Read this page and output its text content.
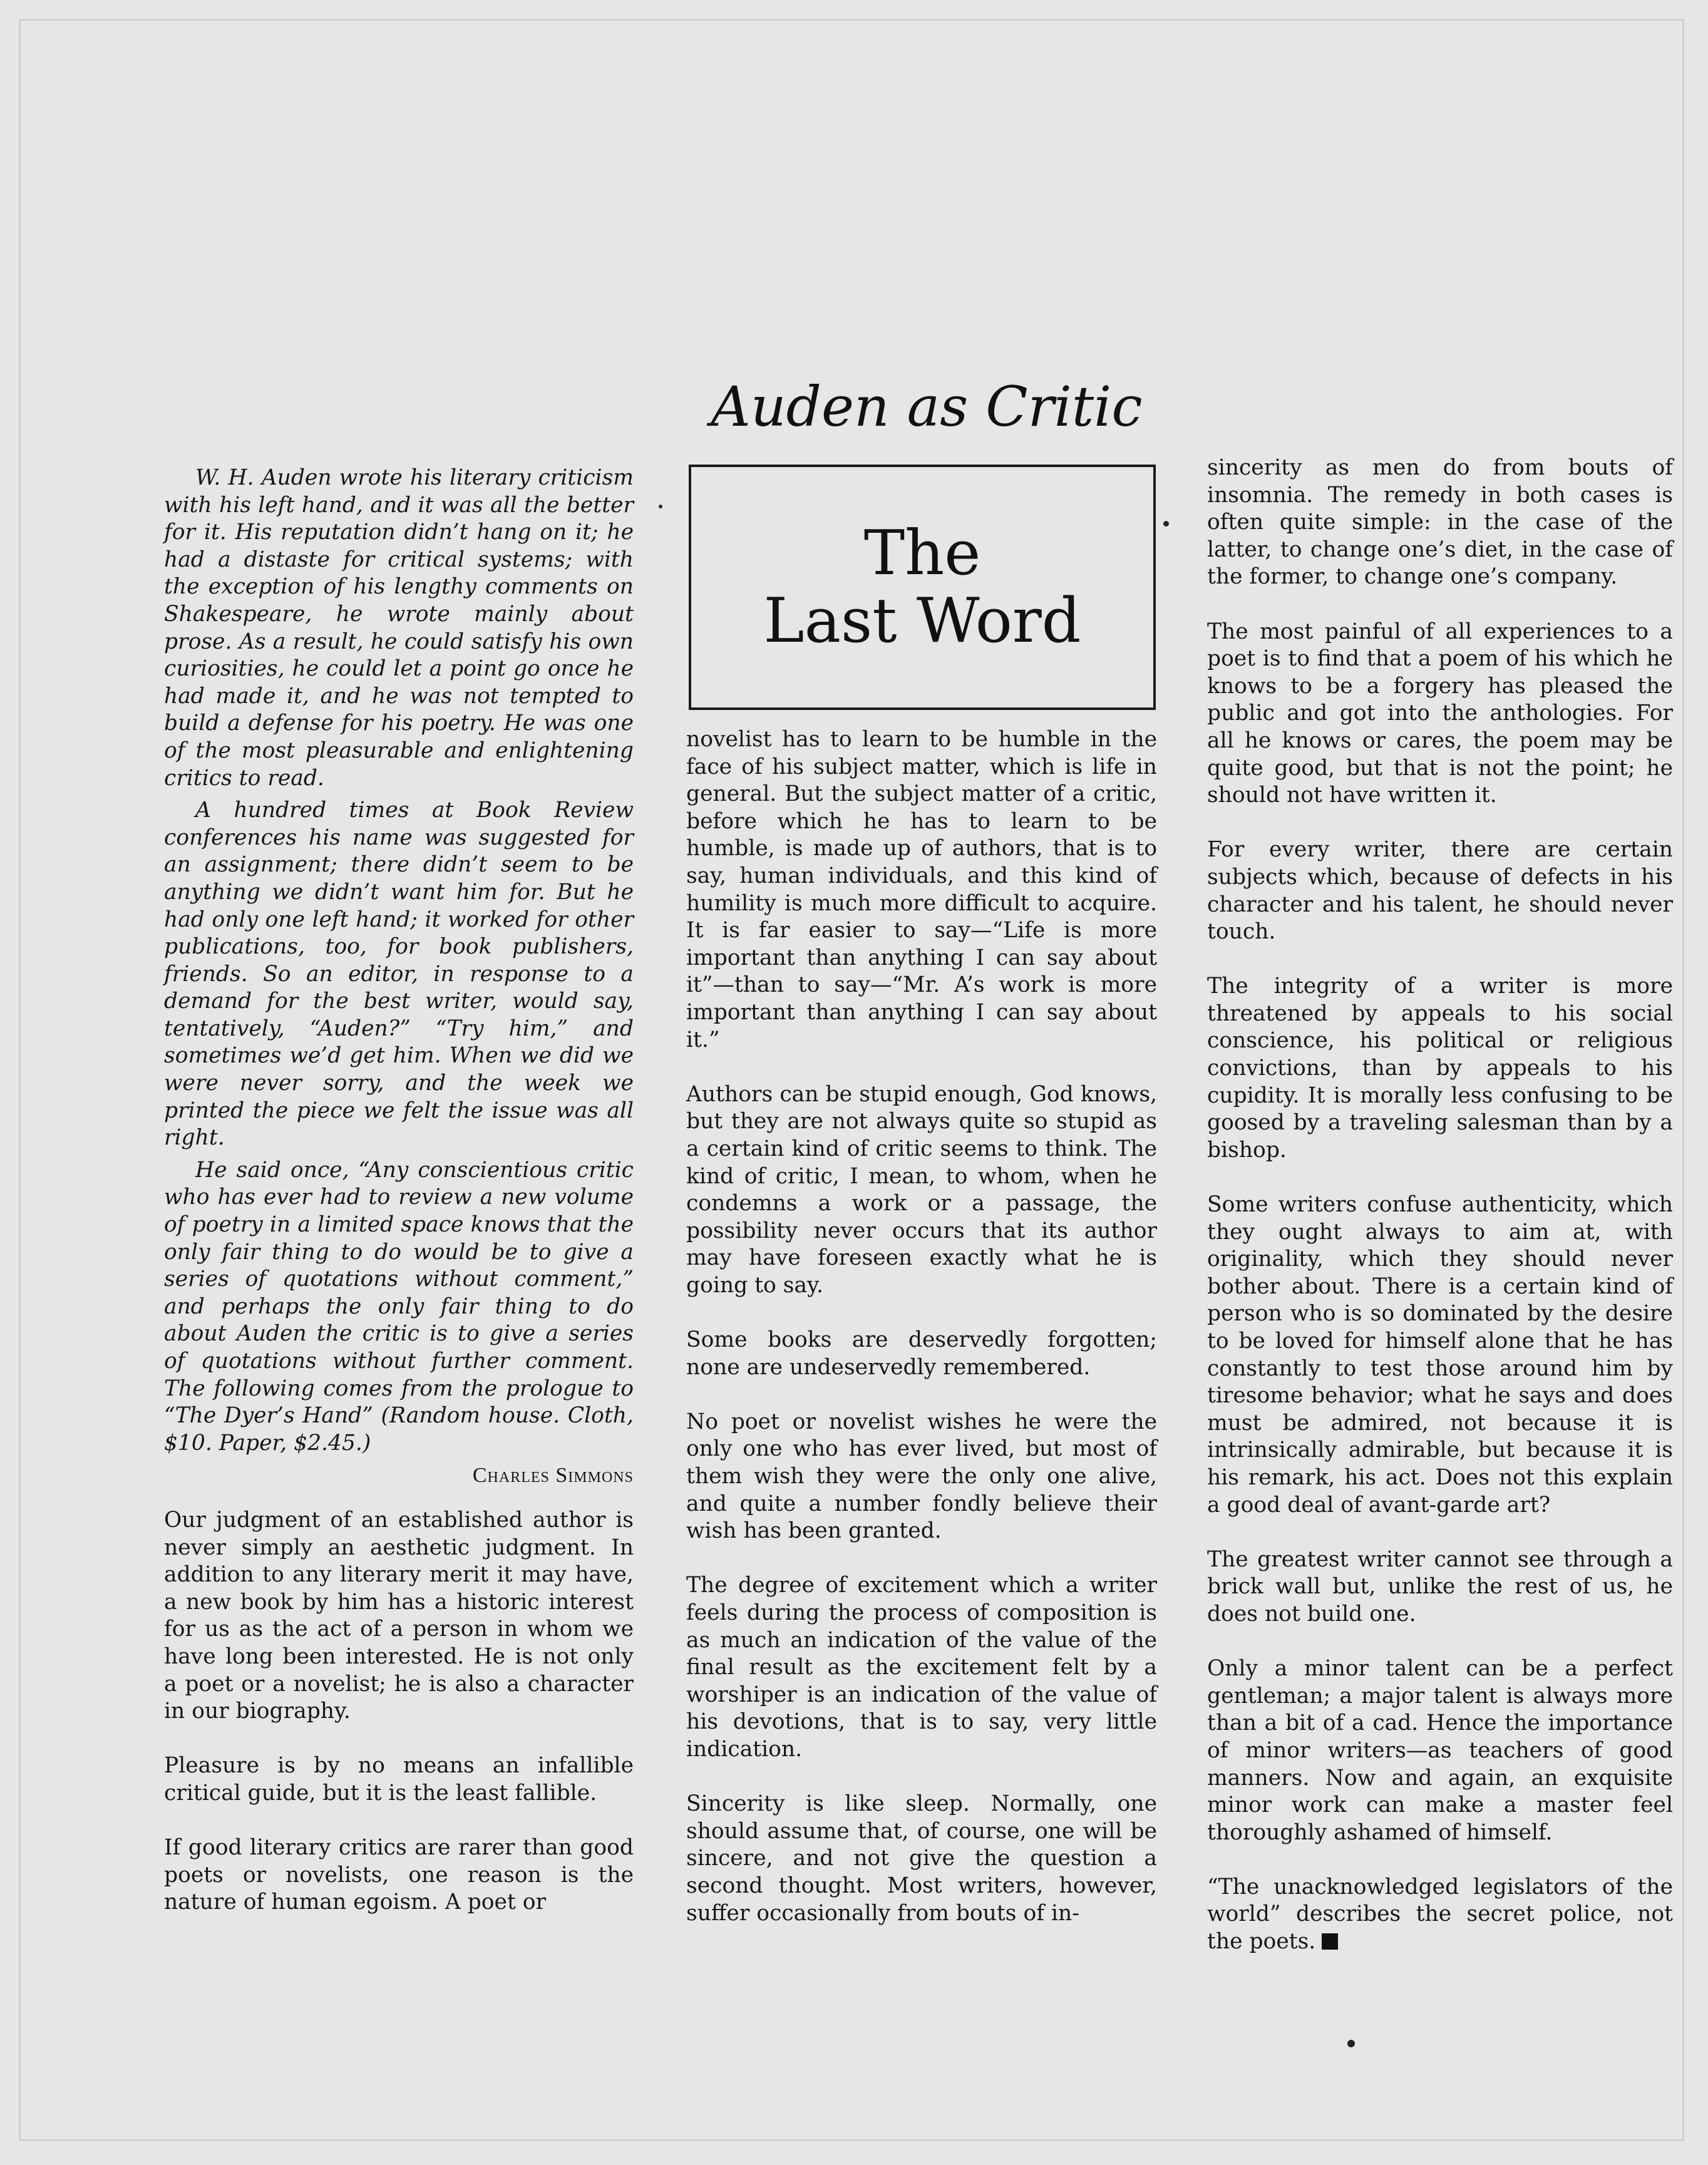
Auden as Critic
The
Last Word

W. H. Auden wrote his literary criticism with his left hand, and it was all the better for it. His reputation didn’t hang on it; he had a distaste for critical systems; with the exception of his lengthy comments on Shakespeare, he wrote mainly about prose. As a result, he could satisfy his own curiosities, he could let a point go once he had made it, and he was not tempted to build a defense for his poetry. He was one of the most pleasurable and enlightening critics to read.

A hundred times at Book Review conferences his name was suggested for an assignment; there didn’t seem to be anything we didn’t want him for. But he had only one left hand; it worked for other publications, too, for book publishers, friends. So an editor, in response to a demand for the best writer, would say, tentatively, “Auden?” “Try him,” and sometimes we’d get him. When we did we were never sorry, and the week we printed the piece we felt the issue was all right.

He said once, “Any conscientious critic who has ever had to review a new volume of poetry in a limited space knows that the only fair thing to do would be to give a series of quotations without comment,” and perhaps the only fair thing to do about Auden the critic is to give a series of quotations without further comment. The following comes from the prologue to “The Dyer’s Hand” (Random house. Cloth, $10. Paper, $2.45.)

Charles Simmons

Our judgment of an established author is never simply an aesthetic judgment. In addition to any literary merit it may have, a new book by him has a historic interest for us as the act of a person in whom we have long been interested. He is not only a poet or a novelist; he is also a character in our biography.

Pleasure is by no means an infallible critical guide, but it is the least fallible.

If good literary critics are rarer than good poets or novelists, one reason is the nature of human egoism. A poet or

novelist has to learn to be humble in the face of his subject matter, which is life in general. But the subject matter of a critic, before which he has to learn to be humble, is made up of authors, that is to say, human individuals, and this kind of humility is much more difficult to acquire. It is far easier to say—“Life is more important than anything I can say about it”—than to say—“Mr. A’s work is more important than anything I can say about it.”

Authors can be stupid enough, God knows, but they are not always quite so stupid as a certain kind of critic seems to think. The kind of critic, I mean, to whom, when he condemns a work or a passage, the possibility never occurs that its author may have foreseen exactly what he is going to say.

Some books are deservedly forgotten; none are undeservedly remembered.

No poet or novelist wishes he were the only one who has ever lived, but most of them wish they were the only one alive, and quite a number fondly believe their wish has been granted.

The degree of excitement which a writer feels during the process of composition is as much an indication of the value of the final result as the excitement felt by a worshiper is an indication of the value of his devotions, that is to say, very little indication.

Sincerity is like sleep. Normally, one should assume that, of course, one will be sincere, and not give the question a second thought. Most writers, however, suffer occasionally from bouts of in-

sincerity as men do from bouts of insomnia. The remedy in both cases is often quite simple: in the case of the latter, to change one’s diet, in the case of the former, to change one’s company.

The most painful of all experiences to a poet is to find that a poem of his which he knows to be a forgery has pleased the public and got into the anthologies. For all he knows or cares, the poem may be quite good, but that is not the point; he should not have written it.

For every writer, there are certain subjects which, because of defects in his character and his talent, he should never touch.

The integrity of a writer is more threatened by appeals to his social conscience, his political or religious convictions, than by appeals to his cupidity. It is morally less confusing to be goosed by a traveling salesman than by a bishop.

Some writers confuse authenticity, which they ought always to aim at, with originality, which they should never bother about. There is a certain kind of person who is so dominated by the desire to be loved for himself alone that he has constantly to test those around him by tiresome behavior; what he says and does must be admired, not because it is intrinsically admirable, but because it is his remark, his act. Does not this explain a good deal of avant-garde art?

The greatest writer cannot see through a brick wall but, unlike the rest of us, he does not build one.

Only a minor talent can be a perfect gentleman; a major talent is always more than a bit of a cad. Hence the importance of minor writers—as teachers of good manners. Now and again, an exquisite minor work can make a master feel thoroughly ashamed of himself.

“The unacknowledged legislators of the world” describes the secret police, not the poets.
